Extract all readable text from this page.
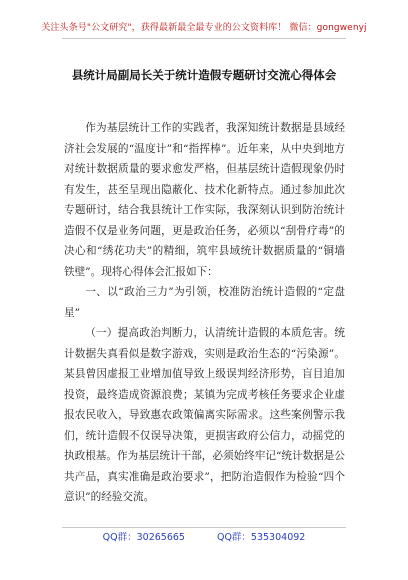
关注头条号"公文研究"，获得最新最全最专业的公文资料库！ 微信：gongwenyj
县统计局副局长关于统计造假专题研讨交流心得体会

作为基层统计工作的实践者，我深知统计数据是县域经济社会发展的“温度计”和“指挥棒”。近年来，从中央到地方对统计数据质量的要求愈发严格，但基层统计造假现象仍时有发生，甚至呈现出隐蔽化、技术化新特点。通过参加此次专题研讨，结合我县统计工作实际，我深刻认识到防治统计造假不仅是业务问题，更是政治任务，必须以“刮骨疗毒”的决心和“绣花功夫”的精细，筑牢县域统计数据质量的“铜墙铁壁”。现将心得体会汇报如下：

一、以“政治三力”为引领，校准防治统计造假的“定盘星”

（一）提高政治判断力，认清统计造假的本质危害。统计数据失真看似是数字游戏，实则是政治生态的“污染源”。某县曾因虚报工业增加值导致上级误判经济形势，盲目追加投资，最终造成资源浪费；某镇为完成考核任务要求企业虚报农民收入，导致惠农政策偏离实际需求。这些案例警示我们，统计造假不仅误导决策，更损害政府公信力，动摇党的执政根基。作为基层统计干部，必须始终牢记“统计数据是公共产品，真实准确是政治要求”，把防治造假作为检验“四个意识”的经验交流。

QQ群：30265665	QQ群：535304092
